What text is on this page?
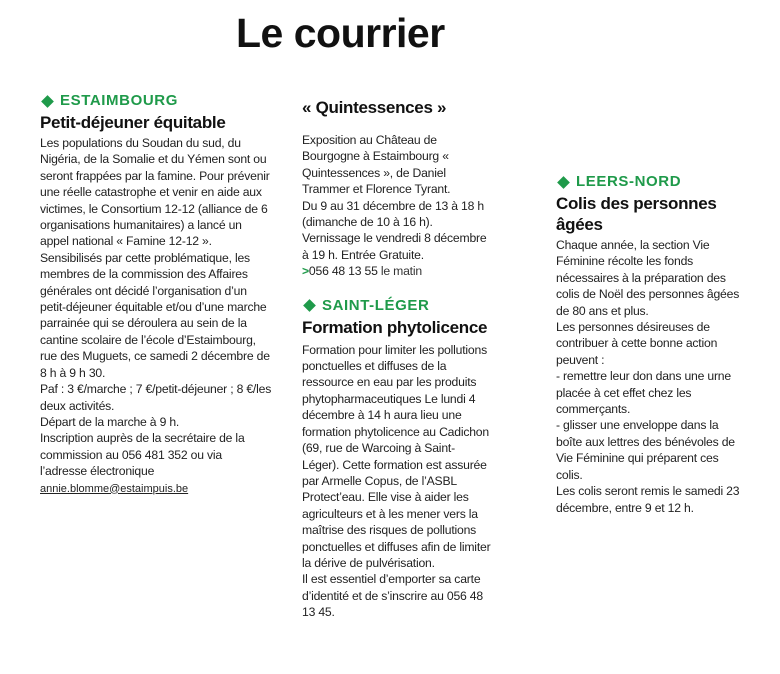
Le courrier
ESTAIMBOURG
Petit-déjeuner équitable

Les populations du Soudan du sud, du Nigéria, de la Somalie et du Yémen sont ou seront frappées par la famine. Pour prévenir une réelle catastrophe et venir en aide aux victimes, le Consortium 12-12 (alliance de 6 organisations humanitaires) a lancé un appel national « Famine 12-12 ».

Sensibilisés par cette problématique, les membres de la commission des Affaires générales ont décidé l’organisation d’un petit-déjeuner équitable et/ou d’une marche parrainée qui se déroulera au sein de la cantine scolaire de l’école d’Estaimbourg, rue des Muguets, ce samedi 2 décembre de 8 h à 9 h 30.

Paf : 3 €/marche ; 7 €/petit-déjeuner ; 8 €/les deux activités.

Départ de la marche à 9 h.

Inscription auprès de la secrétaire de la commission au 056 481 352 ou via l’adresse électronique

annie.blomme@estaimpuis.be

« Quintessences »

Exposition au Château de Bourgogne à Estaimbourg « Quintessences », de Daniel Trammer et Florence Tyrant.

Du 9 au 31 décembre de 13 à 18 h (dimanche de 10 à 16 h).

Vernissage le vendredi 8 décembre à 19 h. Entrée Gratuite.

>056 48 13 55 le matin

SAINT-LÉGER
Formation phytolicence

Formation pour limiter les pollutions ponctuelles et diffuses de la ressource en eau par les produits phytopharmaceutiques Le lundi 4 décembre à 14 h aura lieu une formation phytolicence au Cadichon (69, rue de Warcoing à Saint-Léger). Cette formation est assurée par Armelle Copus, de l’ASBL Protect’eau. Elle vise à aider les agriculteurs et à les mener vers la maîtrise des risques de pollutions ponctuelles et diffuses afin de limiter la dérive de pulvérisation.

Il est essentiel d’emporter sa carte d’identité et de s’inscrire au 056 48 13 45.

LEERS-NORD
Colis des personnes âgées

Chaque année, la section Vie Féminine récolte les fonds nécessaires à la préparation des colis de Noël des personnes âgées de 80 ans et plus.

Les personnes désireuses de contribuer à cette bonne action peuvent :

- remettre leur don dans une urne placée à cet effet chez les commerçants.

- glisser une enveloppe dans la boîte aux lettres des bénévoles de Vie Féminine qui préparent ces colis.

Les colis seront remis le samedi 23 décembre, entre 9 et 12 h.
